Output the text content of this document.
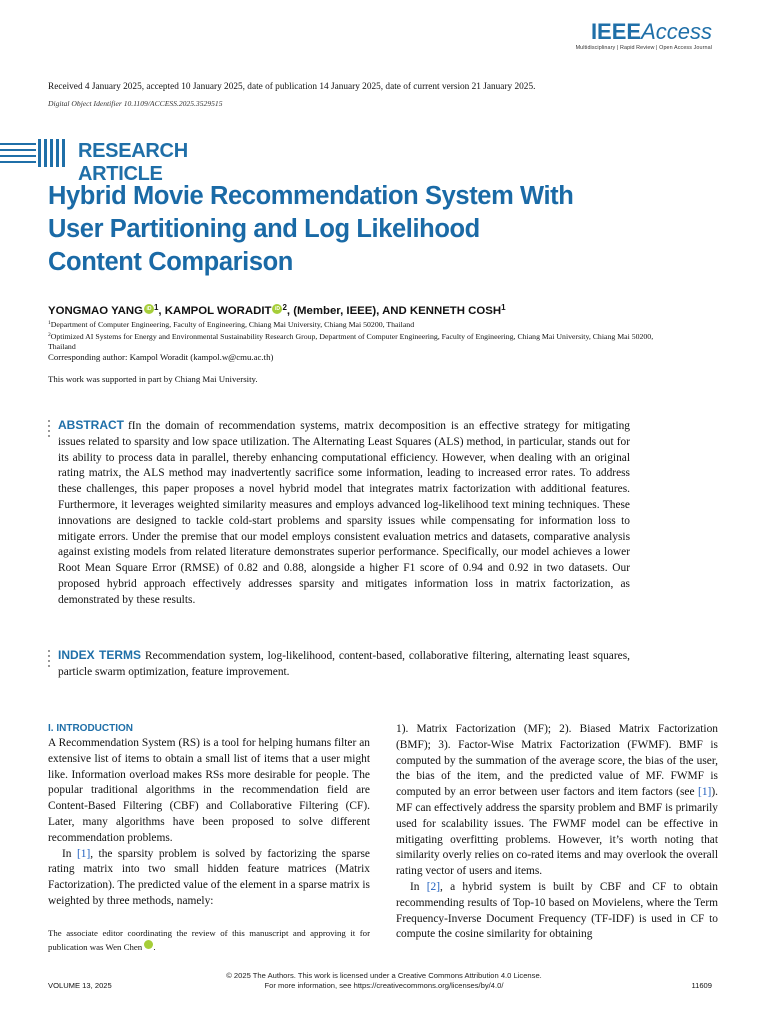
IEEEAccess
Multidisciplinary | Rapid Review | Open Access Journal
Received 4 January 2025, accepted 10 January 2025, date of publication 14 January 2025, date of current version 21 January 2025.
Digital Object Identifier 10.1109/ACCESS.2025.3529515
RESEARCH ARTICLE
Hybrid Movie Recommendation System With
User Partitioning and Log Likelihood
Content Comparison
YONGMAO YANG iD $^1$, KAMPOL WORADIT iD $^2$, (Member, IEEE), AND KENNETH COSH$^1$
$^1$Department of Computer Engineering, Faculty of Engineering, Chiang Mai University, Chiang Mai 50200, Thailand
$^2$Optimized AI Systems for Energy and Environmental Sustainability Research Group, Department of Computer Engineering, Faculty of Engineering, Chiang Mai University, Chiang Mai 50200, Thailand
Corresponding author: Kampol Woradit (kampol.w@cmu.ac.th)
This work was supported in part by Chiang Mai University.
ABSTRACT fIn the domain of recommendation systems, matrix decomposition is an effective strategy for mitigating issues related to sparsity and low space utilization. The Alternating Least Squares (ALS) method, in particular, stands out for its ability to process data in parallel, thereby enhancing computational efficiency. However, when dealing with an original rating matrix, the ALS method may inadvertently sacrifice some information, leading to increased error rates. To address these challenges, this paper proposes a novel hybrid model that integrates matrix factorization with additional features. Furthermore, it leverages weighted similarity measures and employs advanced log-likelihood text mining techniques. These innovations are designed to tackle cold-start problems and sparsity issues while compensating for information loss to mitigate errors. Under the premise that our model employs consistent evaluation metrics and datasets, comparative analysis against existing models from related literature demonstrates superior performance. Specifically, our model achieves a lower Root Mean Square Error (RMSE) of 0.82 and 0.88, alongside a higher F1 score of 0.94 and 0.92 in two datasets. Our proposed hybrid approach effectively addresses sparsity and mitigates information loss in matrix factorization, as demonstrated by these results.
INDEX TERMS Recommendation system, log-likelihood, content-based, collaborative filtering, alternating least squares, particle swarm optimization, feature improvement.
I. INTRODUCTION

A Recommendation System (RS) is a tool for helping humans filter an extensive list of items to obtain a small list of items that a user might like. Information overload makes RSs more desirable for people. The popular traditional algorithms in the recommendation field are Content-Based Filtering (CBF) and Collaborative Filtering (CF). Later, many algorithms have been proposed to solve different recommendation problems.

In [1], the sparsity problem is solved by factorizing the sparse rating matrix into two small hidden feature matrices (Matrix Factorization). The predicted value of the element in a sparse matrix is weighted by three methods, namely:

1). Matrix Factorization (MF); 2). Biased Matrix Factorization (BMF); 3). Factor-Wise Matrix Factorization (FWMF). BMF is computed by the summation of the average score, the bias of the user, the bias of the item, and the predicted value of MF. FWMF is computed by an error between user factors and item factors (see [1]). MF can effectively address the sparsity problem and BMF is primarily used for scalability issues. The FWMF model can be effective in mitigating overfitting problems. However, it’s worth noting that similarity overly relies on co-rated items and may overlook the overall rating vector of users and items.

In [2], a hybrid system is built by CBF and CF to obtain recommending results of Top-10 based on Movielens, where the Term Frequency-Inverse Document Frequency (TF-IDF) is used in CF to compute the cosine similarity for obtaining

The associate editor coordinating the review of this manuscript and approving it for publication was Wen Chen .
© 2025 The Authors. This work is licensed under a Creative Commons Attribution 4.0 License.
For more information, see https://creativecommons.org/licenses/by/4.0/
VOLUME 13, 2025	11609
